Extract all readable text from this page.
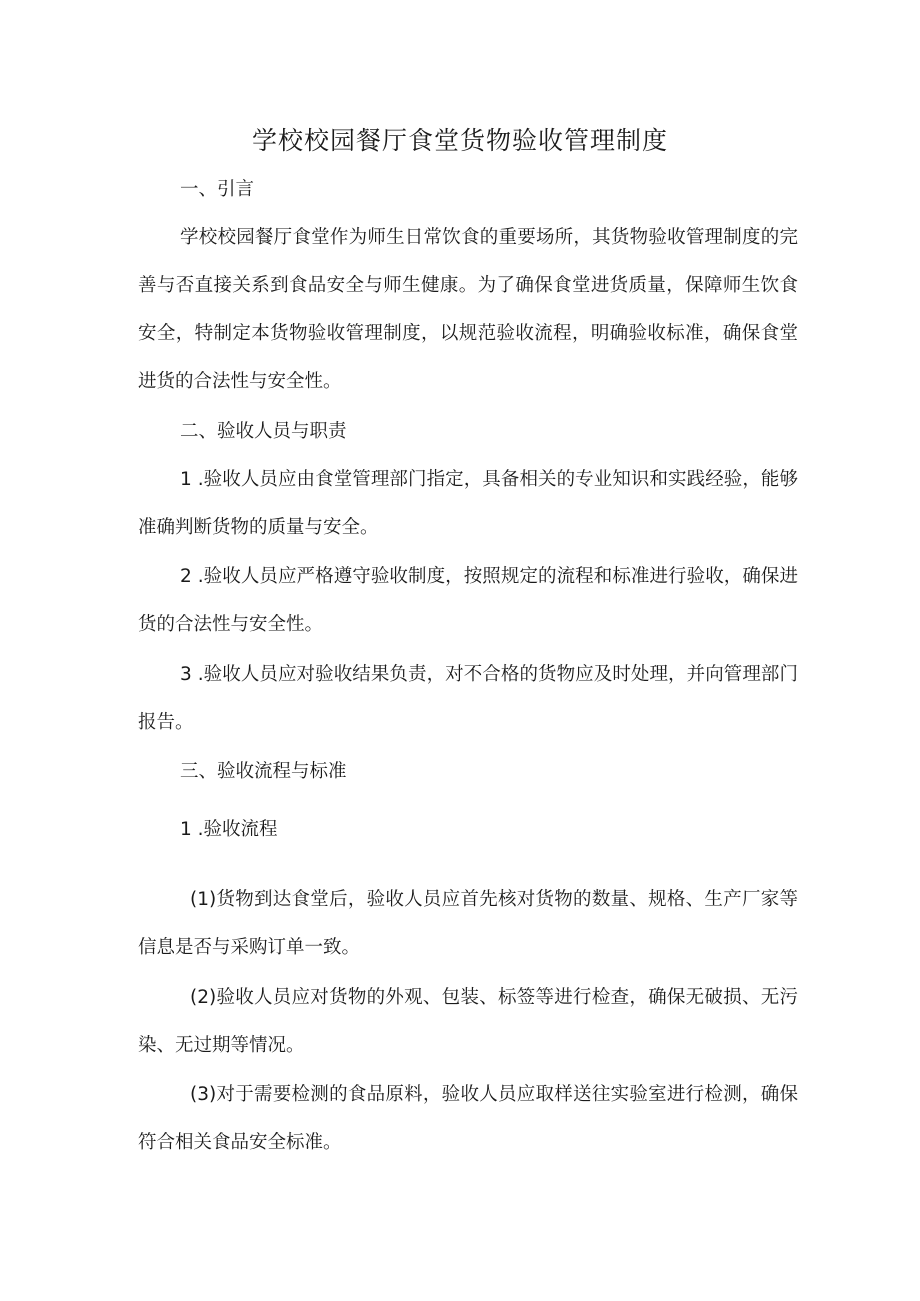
学校校园餐厅食堂货物验收管理制度

一、引言

学校校园餐厅食堂作为师生日常饮食的重要场所，其货物验收管理制度的完善与否直接关系到食品安全与师生健康。为了确保食堂进货质量，保障师生饮食安全，特制定本货物验收管理制度，以规范验收流程，明确验收标准，确保食堂进货的合法性与安全性。

二、验收人员与职责

1 .验收人员应由食堂管理部门指定，具备相关的专业知识和实践经验，能够准确判断货物的质量与安全。

2 .验收人员应严格遵守验收制度，按照规定的流程和标准进行验收，确保进货的合法性与安全性。

3 .验收人员应对验收结果负责，对不合格的货物应及时处理，并向管理部门报告。

三、验收流程与标准

1 .验收流程

(1)货物到达食堂后，验收人员应首先核对货物的数量、规格、生产厂家等信息是否与采购订单一致。

(2)验收人员应对货物的外观、包装、标签等进行检查，确保无破损、无污染、无过期等情况。

(3)对于需要检测的食品原料，验收人员应取样送往实验室进行检测，确保符合相关食品安全标准。
